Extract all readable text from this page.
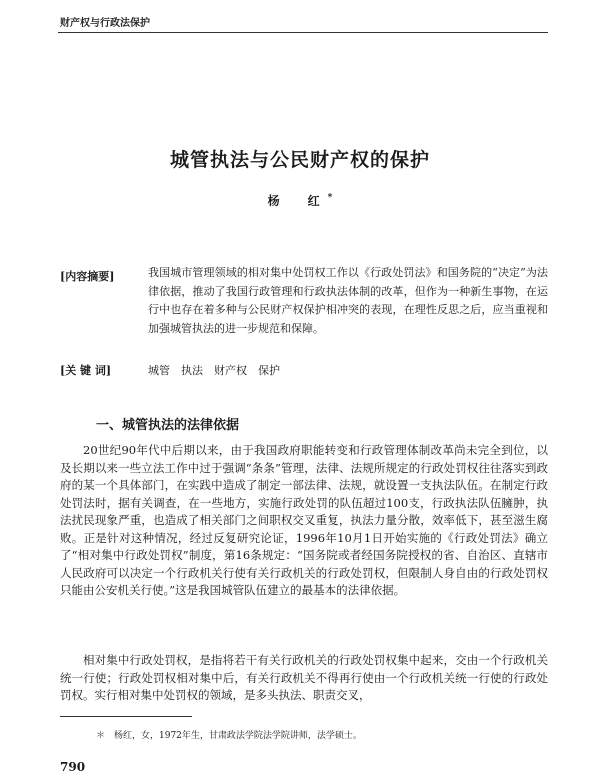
财产权与行政法保护
城管执法与公民财产权的保护
杨　红*
[内容摘要]	我国城市管理领域的相对集中处罚权工作以《行政处罚法》和国务院的“决定”为法律依据，推动了我国行政管理和行政执法体制的改革，但作为一种新生事物，在运行中也存在着多种与公民财产权保护相冲突的表现，在理性反思之后，应当重视和加强城管执法的进一步规范和保障。
[关 键 词]	城管　执法　财产权　保护
一、城管执法的法律依据

20世纪90年代中后期以来，由于我国政府职能转变和行政管理体制改革尚未完全到位，以及长期以来一些立法工作中过于强调“条条”管理，法律、法规所规定的行政处罚权往往落实到政府的某一个具体部门，在实践中造成了制定一部法律、法规，就设置一支执法队伍。在制定行政处罚法时，据有关调查，在一些地方，实施行政处罚的队伍超过100支，行政执法队伍臃肿，执法扰民现象严重，也造成了相关部门之间职权交叉重复，执法力量分散，效率低下，甚至滋生腐败。正是针对这种情况，经过反复研究论证，1996年10月1日开始实施的《行政处罚法》确立了“相对集中行政处罚权”制度，第16条规定：“国务院或者经国务院授权的省、自治区、直辖市人民政府可以决定一个行政机关行使有关行政机关的行政处罚权，但限制人身自由的行政处罚权只能由公安机关行使。”这是我国城管队伍建立的最基本的法律依据。

相对集中行政处罚权，是指将若干有关行政机关的行政处罚权集中起来，交由一个行政机关统一行使；行政处罚权相对集中后，有关行政机关不得再行使由一个行政机关统一行使的行政处罚权。实行相对集中处罚权的领域，是多头执法、职责交叉，

＊　杨红，女，1972年生，甘肃政法学院法学院讲师，法学硕士。
790
